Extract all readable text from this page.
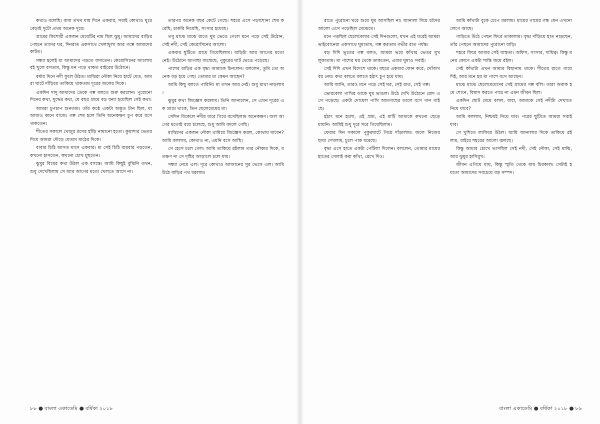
কথাও বলেছি। বাবা তখন যায় দিনে একবার, সবাই কোথাও ঘুরে বেড়াই দুটো প্রথম অনেক দূরে।

গ্রামের কিশোরী একজন মেয়েটির নাম ছিল ঝুমু। আমাদের বাড়ির পেছনে তাদের ঘর, দিনরাত একসাথে খেলাধুলা আর গল্পে আমাদের কাটত।

সন্ধ্যা হলেই মা আমাদের পড়তে বসাতেন। কেরোসিনের আলোয় বই খুলে বসতাম, কিন্তু মন পড়ে থাকত বাইরের উঠোনে।

বর্ষার দিনে নদী ফুলে উঠত। মাঝিরা নৌকা নিয়ে হাটে যেত, আমরা ঘাটে দাঁড়িয়ে তাকিয়ে থাকতাম দূরের জলের দিকে।

একদিন দাদু আমাদের ডেকে গল্প বলতে শুরু করলেন। পুরোনো দিনের কথা, যুদ্ধের কথা, যে বছর গ্রামে বড় বন্যা হয়েছিল সেই কথা।

আমরা চুপচাপ শুনতাম। তাঁর কণ্ঠে একটা অদ্ভুত টান ছিল, যা আজও কানে বাজে। গল্প শেষ হলে তিনি অনেকক্ষণ চুপ করে বসে থাকতেন।

শীতের সকালে খেজুর রসের হাঁড়ি নামানো হতো। কুয়াশার ভেতর দিয়ে আমরা দৌড়ে যেতাম মাঠের দিকে।

বাবার চিঠি আসত মাসে একবার। মা সেই চিঠি বারবার পড়তেন, কখনো হাসতেন, কখনো চোখ মুছতেন।

ঝুমুর বিয়ের কথা উঠল এক বসন্তে। আমি কিছুই বুঝিনি তখন, শুধু দেখেছিলাম সে আর আগের মতো খেলতে আসে না।

তারপর অনেক বছর কেটে গেছে। শহরে এসে পড়াশোনা শেষ করেছি, চাকরি নিয়েছি, সংসার হয়েছে।

তবু মাঝে মাঝে রাতে ঘুম ভেঙে গেলে মনে পড়ে সেই উঠোন, সেই নদী, সেই কেরোসিনের আলো।

একবার ছুটিতে গ্রামে গিয়েছিলাম। বাড়িটা আর আগের মতো নেই। উঠোনে আগাছা জন্মেছে, পুকুরের ঘাট ভেঙে পড়েছে।

পাশের বাড়ির এক বৃদ্ধা আমাকে চিনলেন। বললেন, তুমি তো অনেক বড় হয়ে গেছ। তোমার মা কেমন আছেন?

আমি কিছু বলতে পারিনি। মা তখন আর নেই। শুধু মাথা নাড়লাম।

ঝুমুর কথা জিজ্ঞেস করলাম। তিনি জানালেন, সে এখন দূরের এক গ্রামে থাকে, তিন ছেলেমেয়ের মা।

সেদিন বিকেলে নদীর ধারে গিয়ে বসেছিলাম অনেকক্ষণ। জল আগের মতোই বয়ে চলেছে, শুধু আমি বদলে গেছি।

মাঝিদের একজন নৌকা থামিয়ে জিজ্ঞেস করল, কোথায় যাবেন? আমি বললাম, কোথাও না, এমনি বসে আছি।

সে হেসে চলে গেল। আমি তাকিয়ে রইলাম তার নৌকার দিকে, যতক্ষণ না সে দৃষ্টির আড়ালে চলে যায়।

সন্ধ্যা নেমে এল। দূরে কোথাও আজানের সুর ভেসে এল। আমি উঠে বাড়ির পথ ধরলাম।

৮৮ ● বাংলা একাডেমি ● বর্ষিকা ২০১৮

রাতে পুরোনো ঘরে শুয়ে ঘুম আসছিল না। জানালা দিয়ে চাঁদের আলো এসে পড়েছিল মেঝেতে।

মনে পড়ছিল ছেলেবেলার সেই দিনগুলো, যখন এই ঘরেই আমরা ভাইবোনেরা একসাথে ঘুমাতাম, গল্প করতাম গভীর রাত পর্যন্ত।

বড় দিদি ভূতের গল্প বলত, আমরা ভয়ে কাঁথার ভেতর মুখ লুকাতাম। মা পাশের ঘর থেকে ডাকতেন, এবার ঘুমাও সবাই।

সেই দিদি এখন বিদেশে থাকে। বছরে একবার ফোন করে, খোঁজখবর নেয়। কথা বলতে বলতে হঠাৎ চুপ হয়ে যায়।

আমি জানি, তারও মনে পড়ে সেই ঘর, সেই রাত, সেই গল্প।

ভোরবেলা পাখির ডাকে ঘুম ভাঙল। উঠে দেখি উঠোনে রোদ এসে পড়েছে। একটা দোয়েল পাখি আমগাছের ডালে বসে গান গাইছে।

হঠাৎ মনে হলো, এই গ্রাম, এই মাটি আমাকে কখনো ছেড়ে যায়নি। আমিই শুধু দূরে সরে গিয়েছিলাম।

ফেরার দিন সকালে পুকুরঘাটে গিয়ে দাঁড়ালাম। জলে নিজের ছায়া দেখলাম, চুলে পাক ধরেছে।

বৃদ্ধা এসে হাতে একটা পোঁটলা দিলেন। বললেন, তোমার মায়ের হাতের সেলাই করা কাঁথা, রেখে দিও।

আমি কাঁথাটা বুকে চেপে ধরলাম। মায়ের গায়ের গন্ধ যেন এখনো লেগে আছে।

গাড়িতে উঠে পেছন ফিরে তাকালাম। বৃদ্ধা দাঁড়িয়ে হাত নাড়ছেন, তাঁর পেছনে আমাদের পুরোনো বাড়ি।

শহরে ফিরে আবার সেই ব্যস্ততা। অফিস, সংসার, দায়িত্ব। কিন্তু মনের কোণে একটা শান্তি জমে রইল।

সেই কাঁথাটা এখন আমার বিছানায় থাকে। শীতের রাতে গায়ে দিই, আর মনে হয় মা পাশে বসে আছেন।

মাঝে মাঝে ছেলেমেয়েদের সেই গ্রামের গল্প বলি। তারা অবাক হয়ে শোনে, বিশ্বাস করতে পারে না এমন জীবন ছিল।

একদিন ছোট মেয়ে বলল, বাবা, আমাকে সেই নদীটা দেখাতে নিয়ে যাবে?

আমি বললাম, নিশ্চয়ই নিয়ে যাব। পরের ছুটিতে আমরা সবাই যাব।

সে খুশিতে লাফিয়ে উঠল। আমি জানালার দিকে তাকিয়ে রইলাম, বাইরে শহরের আলো জ্বলছে।

কিন্তু আমার চোখে ভাসছিল সেই নদী, সেই নৌকা, সেই মাঝি, আর ঝুমুর হাসিমুখ।

জীবন এগিয়ে যায়, কিন্তু স্মৃতি থেকে যায় চিরকাল। সেটাই হয়তো আমাদের সবচেয়ে বড় সম্পদ।

বাংলা একাডেমি ● বর্ষিকা ২০১৮ ● ৮৯
